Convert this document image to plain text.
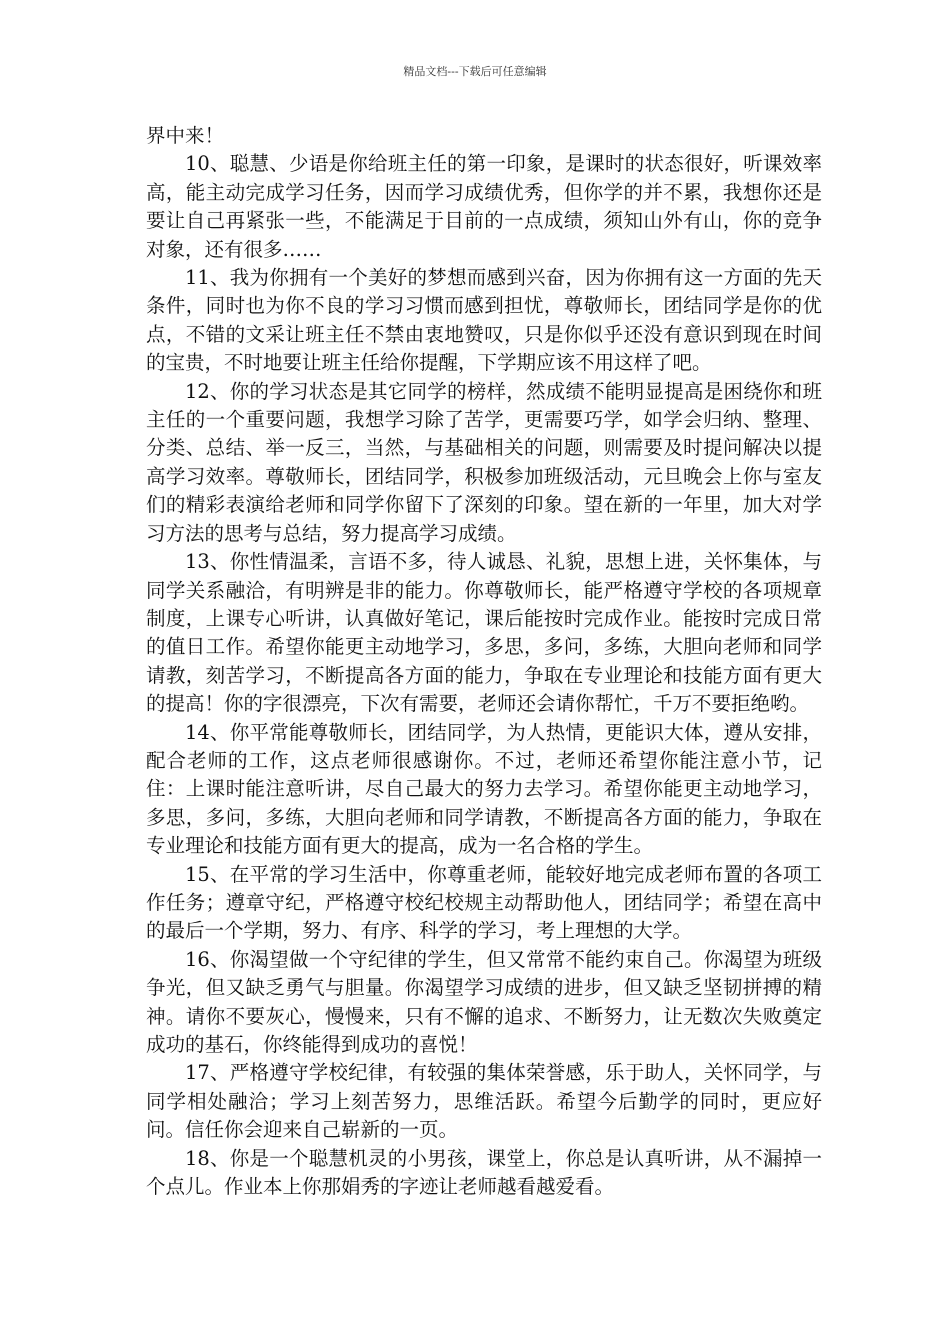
精品文档---下载后可任意编辑

界中来！

10、聪慧、少语是你给班主任的第一印象，是课时的状态很好，听课效率高，能主动完成学习任务，因而学习成绩优秀，但你学的并不累，我想你还是要让自己再紧张一些，不能满足于目前的一点成绩，须知山外有山，你的竞争对象，还有很多……

11、我为你拥有一个美好的梦想而感到兴奋，因为你拥有这一方面的先天条件，同时也为你不良的学习习惯而感到担忧，尊敬师长，团结同学是你的优点，不错的文采让班主任不禁由衷地赞叹，只是你似乎还没有意识到现在时间的宝贵，不时地要让班主任给你提醒，下学期应该不用这样了吧。

12、你的学习状态是其它同学的榜样，然成绩不能明显提高是困绕你和班主任的一个重要问题，我想学习除了苦学，更需要巧学，如学会归纳、整理、分类、总结、举一反三，当然，与基础相关的问题，则需要及时提问解决以提高学习效率。尊敬师长，团结同学，积极参加班级活动，元旦晚会上你与室友们的精彩表演给老师和同学你留下了深刻的印象。望在新的一年里，加大对学习方法的思考与总结，努力提高学习成绩。

13、你性情温柔，言语不多，待人诚恳、礼貌，思想上进，关怀集体，与同学关系融洽，有明辨是非的能力。你尊敬师长，能严格遵守学校的各项规章制度，上课专心听讲，认真做好笔记，课后能按时完成作业。能按时完成日常的值日工作。希望你能更主动地学习，多思，多问，多练，大胆向老师和同学请教，刻苦学习，不断提高各方面的能力，争取在专业理论和技能方面有更大的提高！你的字很漂亮，下次有需要，老师还会请你帮忙，千万不要拒绝哟。

14、你平常能尊敬师长，团结同学，为人热情，更能识大体，遵从安排，配合老师的工作，这点老师很感谢你。不过，老师还希望你能注意小节，记住：上课时能注意听讲，尽自己最大的努力去学习。希望你能更主动地学习，多思，多问，多练，大胆向老师和同学请教，不断提高各方面的能力，争取在专业理论和技能方面有更大的提高，成为一名合格的学生。

15、在平常的学习生活中，你尊重老师，能较好地完成老师布置的各项工作任务；遵章守纪，严格遵守校纪校规主动帮助他人，团结同学；希望在高中的最后一个学期，努力、有序、科学的学习，考上理想的大学。

16、你渴望做一个守纪律的学生，但又常常不能约束自己。你渴望为班级争光，但又缺乏勇气与胆量。你渴望学习成绩的进步，但又缺乏坚韧拼搏的精神。请你不要灰心，慢慢来，只有不懈的追求、不断努力，让无数次失败奠定成功的基石，你终能得到成功的喜悦！

17、严格遵守学校纪律，有较强的集体荣誉感，乐于助人，关怀同学，与同学相处融洽；学习上刻苦努力，思维活跃。希望今后勤学的同时，更应好问。信任你会迎来自己崭新的一页。

18、你是一个聪慧机灵的小男孩，课堂上，你总是认真听讲，从不漏掉一个点儿。作业本上你那娟秀的字迹让老师越看越爱看。
